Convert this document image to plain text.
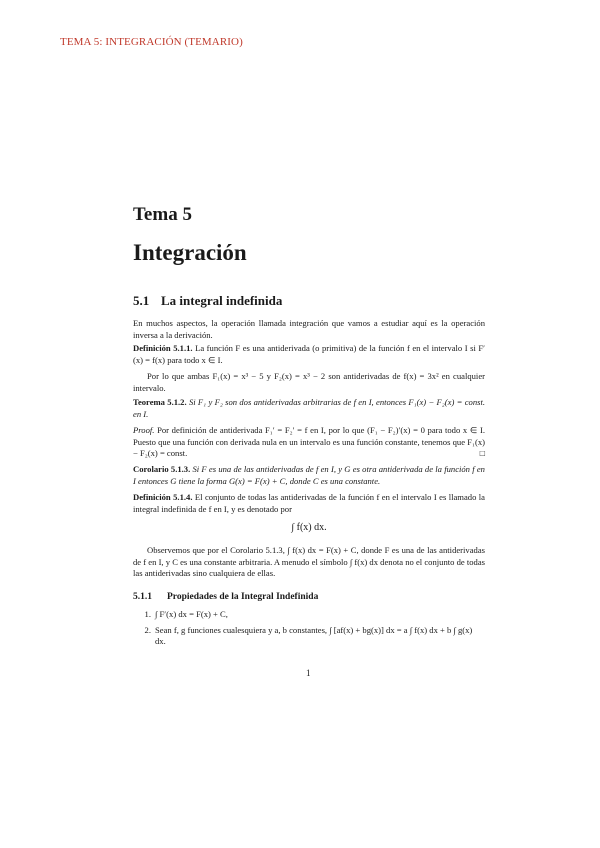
TEMA 5: INTEGRACIÓN (TEMARIO)
Tema 5
Integración
5.1 La integral indefinida
En muchos aspectos, la operación llamada integración que vamos a estudiar aquí es la operación inversa a la derivación.
Definición 5.1.1. La función F es una antiderivada (o primitiva) de la función f en el intervalo I si F′(x) = f(x) para todo x ∈ I.
Por lo que ambas F₁(x) = x³ − 5 y F₂(x) = x³ − 2 son antiderivadas de f(x) = 3x² en cualquier intervalo.
Teorema 5.1.2. Si F₁ y F₂ son dos antiderivadas arbitrarias de f en I, entonces F₁(x) − F₂(x) = const. en I.
Proof. Por definición de antiderivada F₁′ = F₂′ = f en I, por lo que (F₁ − F₂)′(x) = 0 para todo x ∈ I. Puesto que una función con derivada nula en un intervalo es una función constante, tenemos que F₁(x) − F₂(x) = const.	□
Corolario 5.1.3. Si F es una de las antiderivadas de f en I, y G es otra antiderivada de la función f en I entonces G tiene la forma G(x) = F(x) + C, donde C es una constante.
Definición 5.1.4. El conjunto de todas las antiderivadas de la función f en el intervalo I es llamado la integral indefinida de f en I, y es denotado por
∫ f(x) dx.
Observemos que por el Corolario 5.1.3, ∫ f(x) dx = F(x) + C, donde F es una de las antiderivadas de f en I, y C es una constante arbitraria. A menudo el símbolo ∫ f(x) dx denota no el conjunto de todas las antiderivadas sino cualquiera de ellas.
5.1.1 Propiedades de la Integral Indefinida
1. ∫ F′(x) dx = F(x) + C,
2. Sean f, g funciones cualesquiera y a, b constantes, ∫ [af(x) + bg(x)] dx = a ∫ f(x) dx + b ∫ g(x) dx.
1
